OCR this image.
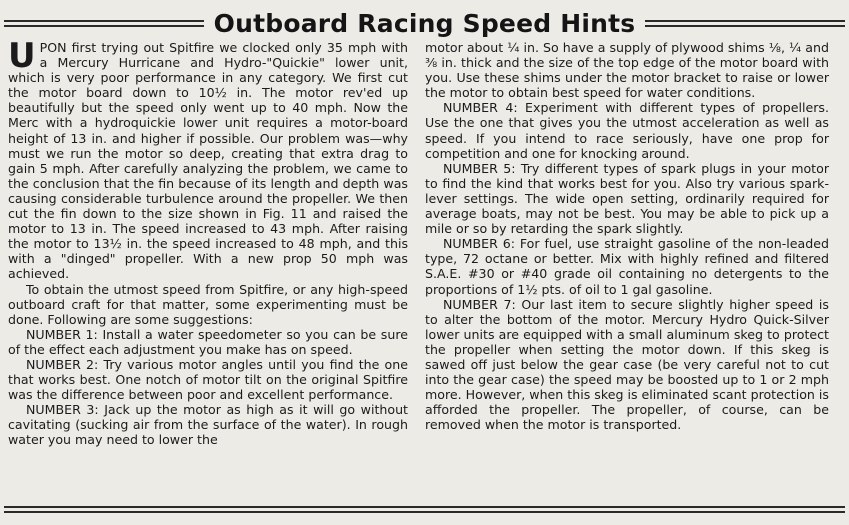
Outboard Racing Speed Hints

UPON first trying out Spitfire we clocked only 35 mph with a Mercury Hurricane and Hydro-"Quickie" lower unit, which is very poor performance in any category. We first cut the motor board down to 10½ in. The motor rev'ed up beautifully but the speed only went up to 40 mph. Now the Merc with a hydroquickie lower unit requires a motor-board height of 13 in. and higher if possible. Our problem was—why must we run the motor so deep, creating that extra drag to gain 5 mph. After carefully analyzing the problem, we came to the conclusion that the fin because of its length and depth was causing considerable turbulence around the propeller. We then cut the fin down to the size shown in Fig. 11 and raised the motor to 13 in. The speed increased to 43 mph. After raising the motor to 13½ in. the speed increased to 48 mph, and this with a "dinged" propeller. With a new prop 50 mph was achieved.

To obtain the utmost speed from Spitfire, or any high-speed outboard craft for that matter, some experimenting must be done. Following are some suggestions:

NUMBER 1: Install a water speedometer so you can be sure of the effect each adjustment you make has on speed.

NUMBER 2: Try various motor angles until you find the one that works best. One notch of motor tilt on the original Spitfire was the difference between poor and excellent performance.

NUMBER 3: Jack up the motor as high as it will go without cavitating (sucking air from the surface of the water). In rough water you may need to lower the

motor about ¼ in. So have a supply of plywood shims ⅛, ¼ and ⅜ in. thick and the size of the top edge of the motor board with you. Use these shims under the motor bracket to raise or lower the motor to obtain best speed for water conditions.

NUMBER 4: Experiment with different types of propellers. Use the one that gives you the utmost acceleration as well as speed. If you intend to race seriously, have one prop for competition and one for knocking around.

NUMBER 5: Try different types of spark plugs in your motor to find the kind that works best for you. Also try various spark-lever settings. The wide open setting, ordinarily required for average boats, may not be best. You may be able to pick up a mile or so by retarding the spark slightly.

NUMBER 6: For fuel, use straight gasoline of the non-leaded type, 72 octane or better. Mix with highly refined and filtered S.A.E. #30 or #40 grade oil containing no detergents to the proportions of 1½ pts. of oil to 1 gal gasoline.

NUMBER 7: Our last item to secure slightly higher speed is to alter the bottom of the motor. Mercury Hydro Quick-Silver lower units are equipped with a small aluminum skeg to protect the propeller when setting the motor down. If this skeg is sawed off just below the gear case (be very careful not to cut into the gear case) the speed may be boosted up to 1 or 2 mph more. However, when this skeg is eliminated scant protection is afforded the propeller. The propeller, of course, can be removed when the motor is transported.
